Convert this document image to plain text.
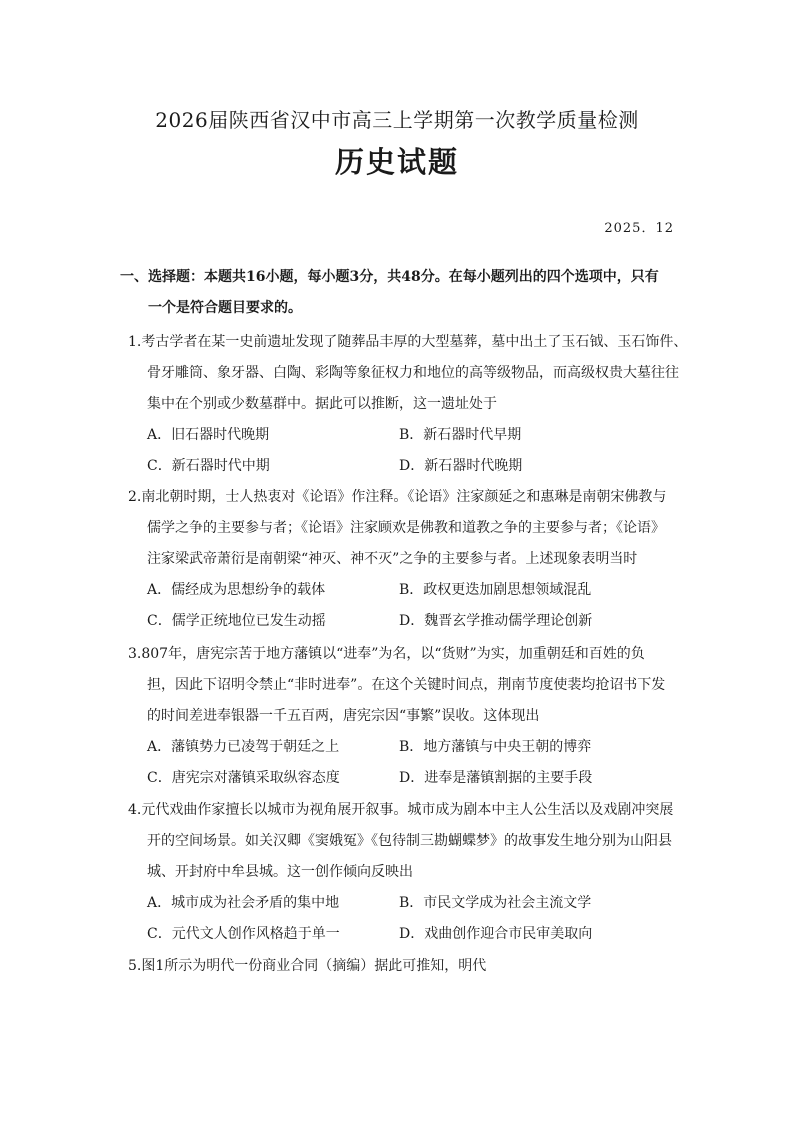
2026届陕西省汉中市高三上学期第一次教学质量检测
历史试题
2025．12
一、选择题：本题共16小题，每小题3分，共48分。在每小题列出的四个选项中，只有
一个是符合题目要求的。
1.考古学者在某一史前遗址发现了随葬品丰厚的大型墓葬，墓中出土了玉石钺、玉石饰件、
骨牙雕筒、象牙器、白陶、彩陶等象征权力和地位的高等级物品，而高级权贵大墓往往
集中在个别或少数墓群中。据此可以推断，这一遗址处于
A．旧石器时代晚期	B．新石器时代早期
C．新石器时代中期	D．新石器时代晚期
2.南北朝时期，士人热衷对《论语》作注释。《论语》注家颜延之和惠琳是南朝宋佛教与
儒学之争的主要参与者；《论语》注家顾欢是佛教和道教之争的主要参与者；《论语》
注家梁武帝萧衍是南朝梁“神灭、神不灭”之争的主要参与者。上述现象表明当时
A．儒经成为思想纷争的载体	B．政权更迭加剧思想领域混乱
C．儒学正统地位已发生动摇	D．魏晋玄学推动儒学理论创新
3.807年，唐宪宗苦于地方藩镇以“进奉”为名，以“货财”为实，加重朝廷和百姓的负
担，因此下诏明令禁止“非时进奉”。在这个关键时间点，荆南节度使裴均抢诏书下发
的时间差进奉银器一千五百两，唐宪宗因“事繁”误收。这体现出
A．藩镇势力已凌驾于朝廷之上	B．地方藩镇与中央王朝的博弈
C．唐宪宗对藩镇采取纵容态度	D．进奉是藩镇割据的主要手段
4.元代戏曲作家擅长以城市为视角展开叙事。城市成为剧本中主人公生活以及戏剧冲突展
开的空间场景。如关汉卿《窦娥冤》《包待制三勘蝴蝶梦》的故事发生地分别为山阳县
城、开封府中牟县城。这一创作倾向反映出
A．城市成为社会矛盾的集中地	B．市民文学成为社会主流文学
C．元代文人创作风格趋于单一	D．戏曲创作迎合市民审美取向
5.图1所示为明代一份商业合同（摘编）据此可推知，明代
